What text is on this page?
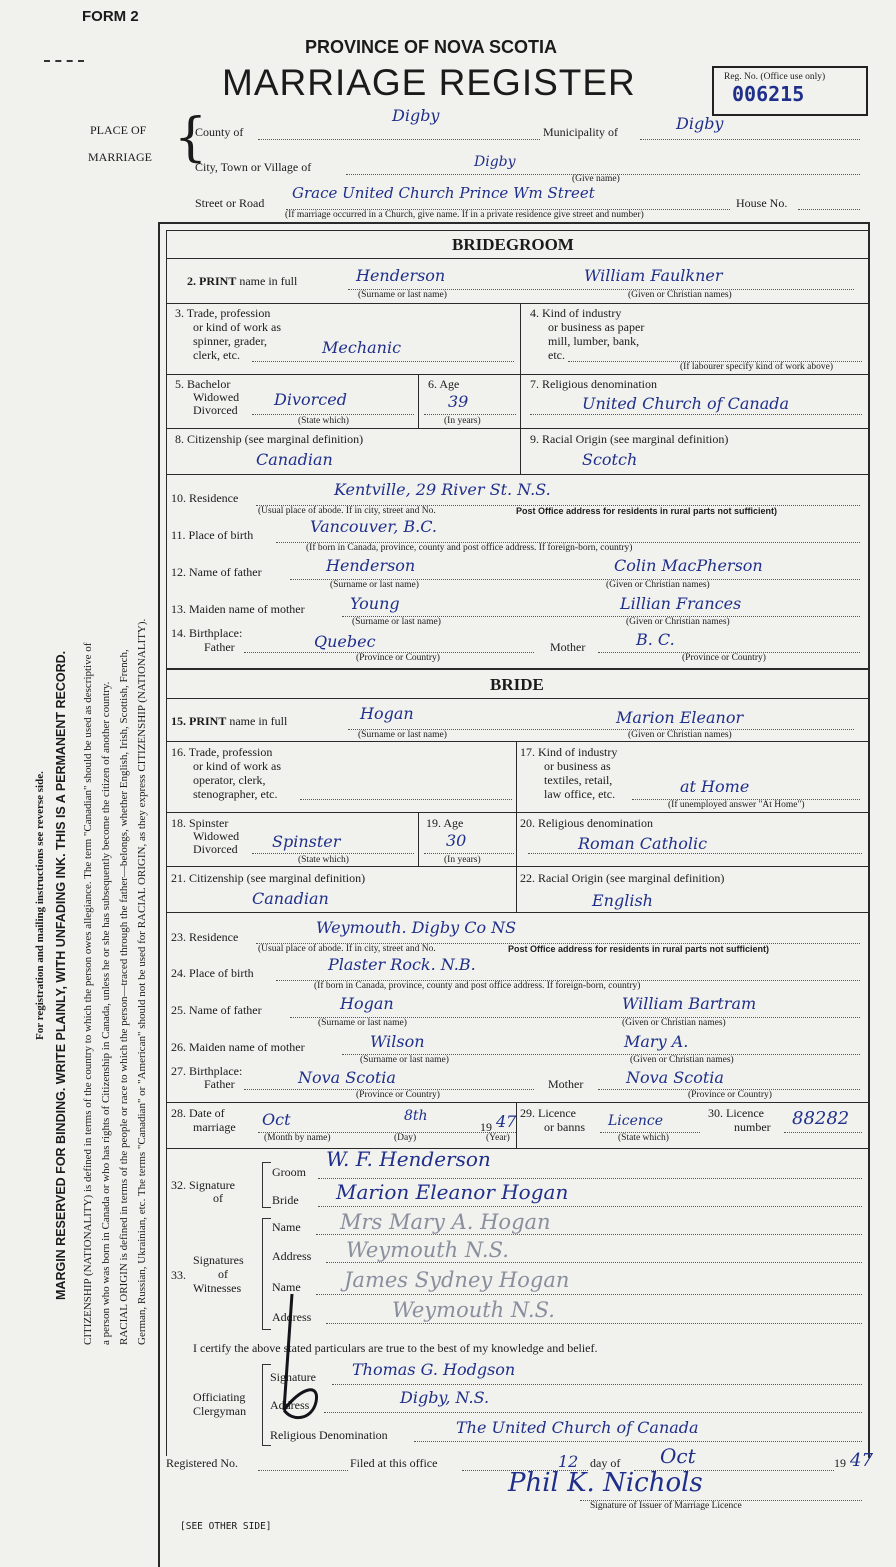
FORM 2
PROVINCE OF NOVA SCOTIA
MARRIAGE REGISTER	Reg. No. (Office use only)
006215
PLACE OF
MARRIAGE {
County of
Digby
Municipality of	Digby
City, Town or Village of	Digby
(Give name)
Street or Road
Grace United Church Prince Wm Street
House No.
(If marriage occurred in a Church, give name. If in a private residence give street and number)
For registration and mailing instructions see reverse side. MARGIN RESERVED FOR BINDING. WRITE PLAINLY, WITH UNFADING INK. THIS IS A PERMANENT RECORD. CITIZENSHIP (NATIONALITY) is defined in terms of the country to which the person owes allegiance. The term "Canadian" should be used as descriptive of a person who was born in Canada or who has rights of Citizenship in Canada, unless he or she has subsequently become the citizen of another country. RACIAL ORIGIN is defined in terms of the people or race to which the person—traced through the father—belongs, whether English, Irish, Scottish, French, German, Russian, Ukrainian, etc. The terms "Canadian" or "American" should not be used for RACIAL ORIGIN, as they express CITIZENSHIP (NATIONALITY).
BRIDEGROOM
2. PRINT name in full	Henderson	William Faulkner
(Surname or last name)	(Given or Christian names)
3. Trade, profession
or kind of work as
spinner, grader,
clerk, etc.	Mechanic
4. Kind of industry
or business as paper
mill, lumber, bank,
etc.
(If labourer specify kind of work above)
5. Bachelor
Widowed
Divorced
Divorced
(State which)
6. Age
39
(In years)
7. Religious denomination
United Church of Canada
8. Citizenship (see marginal definition)
Canadian
9. Racial Origin (see marginal definition)
Scotch
10. Residence	Kentville, 29 River St. N.S.
(Usual place of abode. If in city, street and No.	Post Office address for residents in rural parts not sufficient)
11. Place of birth	Vancouver, B.C.
(If born in Canada, province, county and post office address. If foreign-born, country)
12. Name of father	Henderson	Colin MacPherson
(Surname or last name)	(Given or Christian names)
13. Maiden name of mother	Young	Lillian Frances
(Surname or last name)	(Given or Christian names)
14. Birthplace:
Father	Quebec
(Province or Country)
Mother	B. C.
(Province or Country)
BRIDE
15. PRINT name in full	Hogan	Marion Eleanor
(Surname or last name)	(Given or Christian names)
16. Trade, profession
or kind of work as
operator, clerk,
stenographer, etc.
17. Kind of industry
or business as
textiles, retail,
law office, etc.	at Home
(If unemployed answer "At Home")
18. Spinster
Widowed
Divorced Spinster
(State which)
19. Age
30
(In years)
20. Religious denomination
Roman Catholic
21. Citizenship (see marginal definition)
Canadian
22. Racial Origin (see marginal definition)
English
23. Residence	Weymouth. Digby Co NS
(Usual place of abode. If in city, street and No.	Post Office address for residents in rural parts not sufficient)
24. Place of birth	Plaster Rock. N.B.
(If born in Canada, province, county and post office address. If foreign-born, country)
25. Name of father	Hogan	William Bartram
(Surname or last name)	(Given or Christian names)
26. Maiden name of mother	Wilson	Mary A.
(Surname or last name)	(Given or Christian names)
27. Birthplace:
Father	Nova Scotia
(Province or Country)
Mother	Nova Scotia
(Province or Country)
28. Date of
marriage Oct	8th
19 47
(Month by name)	(Day)	(Year)
29. Licence
or banns Licence
(State which)
30. Licence
number 88282
32. Signature
of
Groom
W. F. Henderson
Bride Marion Eleanor Hogan
33.
Signatures
of
Witnesses
Name Mrs Mary A. Hogan
Address Weymouth N.S.
Name James Sydney Hogan
Address	Weymouth N.S.
I certify the above stated particulars are true to the best of my knowledge and belief.
Officiating
Clergyman
Signature Thomas G. Hodgson
Address	Digby, N.S.
Religious Denomination	The United Church of Canada
Registered No.	Filed at this office	12 day of Oct	19 47
Phil K. Nichols
Signature of Issuer of Marriage Licence
[SEE OTHER SIDE]
